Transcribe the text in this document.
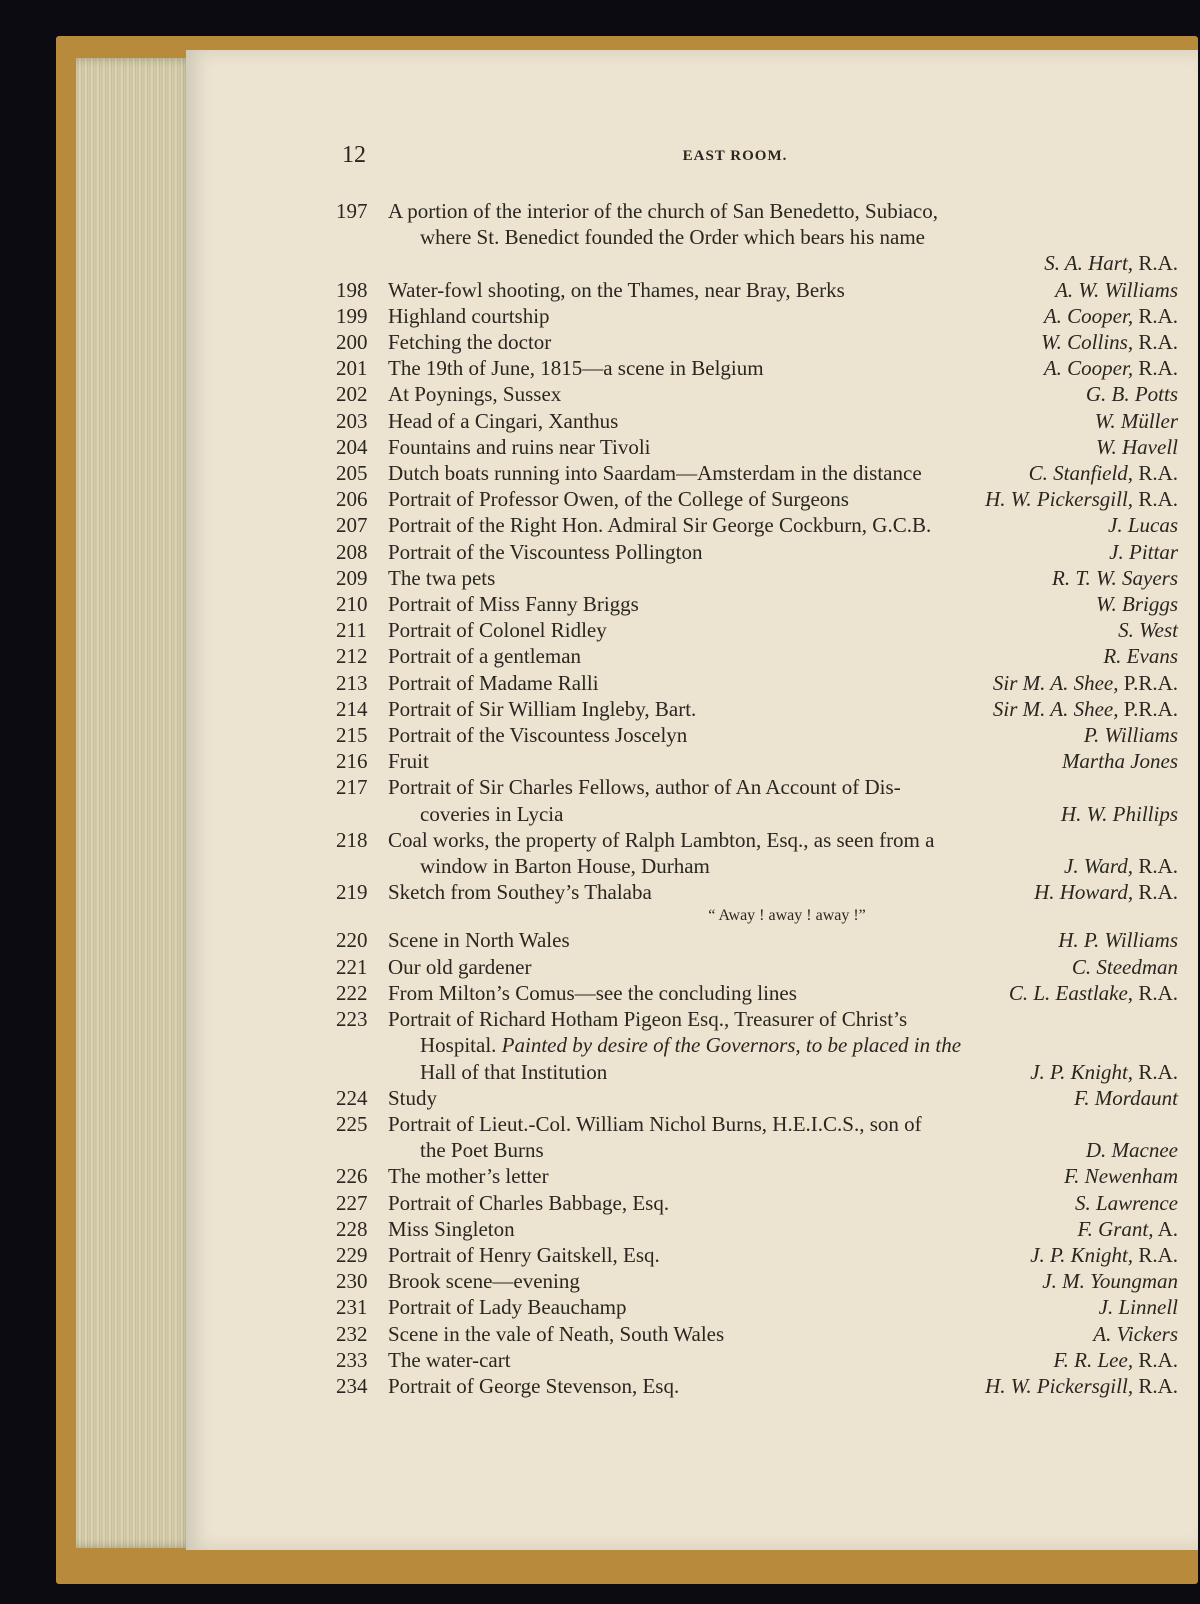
12	EAST ROOM.
197 A portion of the interior of the church of San Benedetto, Subiaco,
where St. Benedict founded the Order which bears his name
S. A. Hart, R.A.
198 Water-fowl shooting, on the Thames, near Bray, Berks	A. W. Williams
199 Highland courtship	A. Cooper, R.A.
200 Fetching the doctor	W. Collins, R.A.
201 The 19th of June, 1815—a scene in Belgium	A. Cooper, R.A.
202 At Poynings, Sussex	G. B. Potts
203 Head of a Cingari, Xanthus	W. Müller
204 Fountains and ruins near Tivoli	W. Havell
205 Dutch boats running into Saardam—Amsterdam in the distance	C. Stanfield, R.A.
206 Portrait of Professor Owen, of the College of Surgeons	H. W. Pickersgill, R.A.
207 Portrait of the Right Hon. Admiral Sir George Cockburn, G.C.B.	J. Lucas
208 Portrait of the Viscountess Pollington	J. Pittar
209 The twa pets	R. T. W. Sayers
210 Portrait of Miss Fanny Briggs	W. Briggs
211	Portrait of Colonel Ridley	S. West
212 Portrait of a gentleman	R. Evans
213 Portrait of Madame Ralli	Sir M. A. Shee, P.R.A.
214 Portrait of Sir William Ingleby, Bart.	Sir M. A. Shee, P.R.A.
215 Portrait of the Viscountess Joscelyn	P. Williams
216 Fruit	Martha Jones
217 Portrait of Sir Charles Fellows, author of An Account of Dis-
coveries in Lycia	H. W. Phillips
218 Coal works, the property of Ralph Lambton, Esq., as seen from a
window in Barton House, Durham	J. Ward, R.A.
219 Sketch from Southey’s Thalaba	H. Howard, R.A.
“ Away ! away ! away !”
220 Scene in North Wales	H. P. Williams
221 Our old gardener	C. Steedman
222 From Milton’s Comus—see the concluding lines	C. L. Eastlake, R.A.
223 Portrait of Richard Hotham Pigeon Esq., Treasurer of Christ’s
Hospital. Painted by desire of the Governors, to be placed in the
Hall of that Institution	J. P. Knight, R.A.
224 Study	F. Mordaunt
225 Portrait of Lieut.-Col. William Nichol Burns, H.E.I.C.S., son of
the Poet Burns	D. Macnee
226 The mother’s letter	F. Newenham
227 Portrait of Charles Babbage, Esq.	S. Lawrence
228 Miss Singleton	F. Grant, A.
229 Portrait of Henry Gaitskell, Esq.	J. P. Knight, R.A.
230 Brook scene—evening	J. M. Youngman
231 Portrait of Lady Beauchamp	J. Linnell
232 Scene in the vale of Neath, South Wales	A. Vickers
233 The water-cart	F. R. Lee, R.A.
234 Portrait of George Stevenson, Esq.	H. W. Pickersgill, R.A.
